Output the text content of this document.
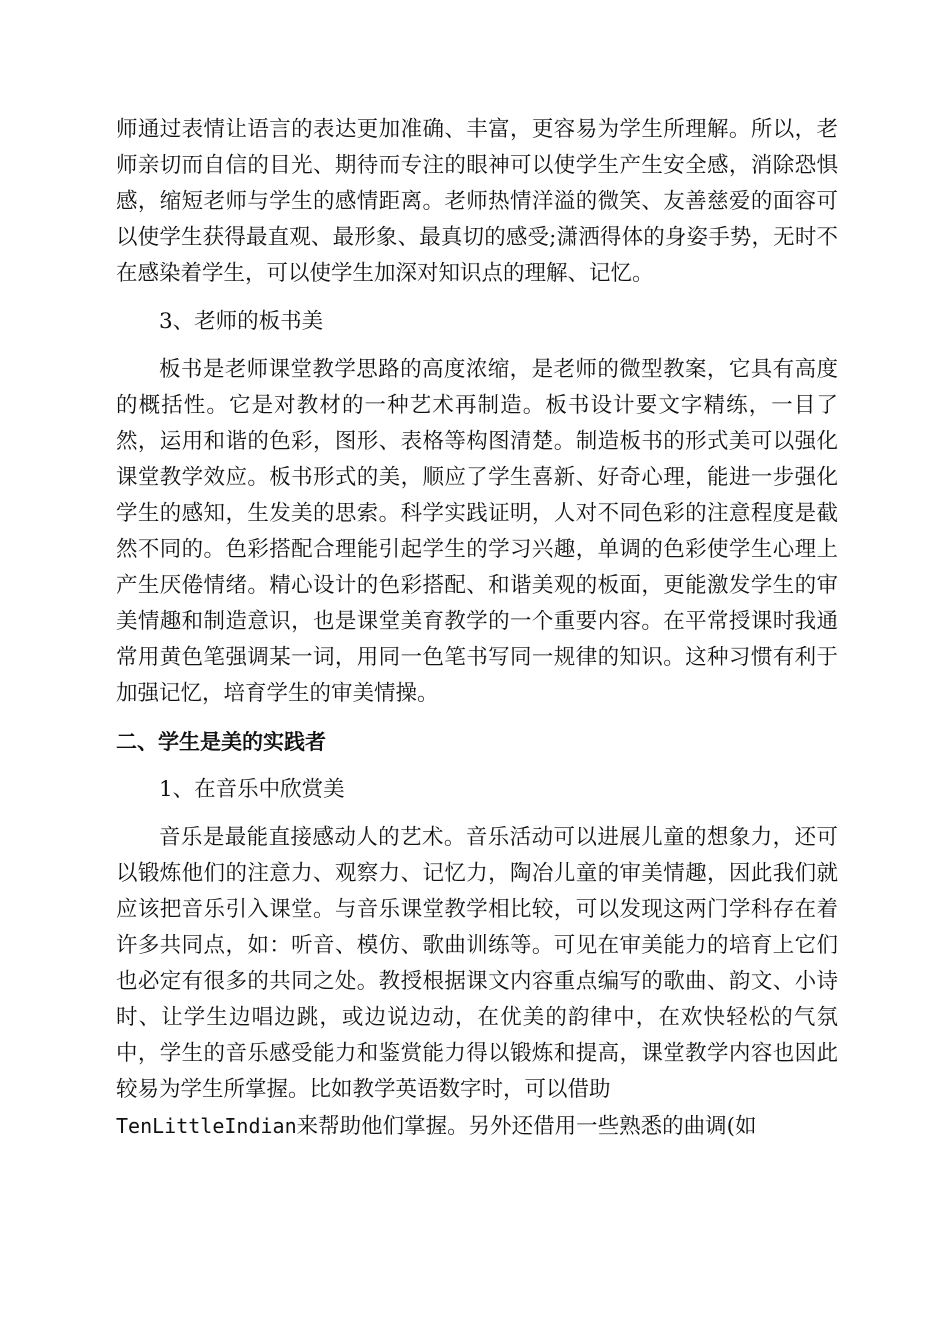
师通过表情让语言的表达更加准确、丰富，更容易为学生所理解。所以，老师亲切而自信的目光、期待而专注的眼神可以使学生产生安全感，消除恐惧感，缩短老师与学生的感情距离。老师热情洋溢的微笑、友善慈爱的面容可以使学生获得最直观、最形象、最真切的感受;潇洒得体的身姿手势，无时不在感染着学生，可以使学生加深对知识点的理解、记忆。

3、老师的板书美

板书是老师课堂教学思路的高度浓缩，是老师的微型教案，它具有高度的概括性。它是对教材的一种艺术再制造。板书设计要文字精练，一目了然，运用和谐的色彩，图形、表格等构图清楚。制造板书的形式美可以强化课堂教学效应。板书形式的美，顺应了学生喜新、好奇心理，能进一步强化学生的感知，生发美的思索。科学实践证明，人对不同色彩的注意程度是截然不同的。色彩搭配合理能引起学生的学习兴趣，单调的色彩使学生心理上产生厌倦情绪。精心设计的色彩搭配、和谐美观的板面，更能激发学生的审美情趣和制造意识，也是课堂美育教学的一个重要内容。在平常授课时我通常用黄色笔强调某一词，用同一色笔书写同一规律的知识。这种习惯有利于加强记忆，培育学生的审美情操。

二、学生是美的实践者

1、在音乐中欣赏美

音乐是最能直接感动人的艺术。音乐活动可以进展儿童的想象力，还可以锻炼他们的注意力、观察力、记忆力，陶冶儿童的审美情趣，因此我们就应该把音乐引入课堂。与音乐课堂教学相比较，可以发现这两门学科存在着许多共同点，如：听音、模仿、歌曲训练等。可见在审美能力的培育上它们也必定有很多的共同之处。教授根据课文内容重点编写的歌曲、韵文、小诗时、让学生边唱边跳，或边说边动，在优美的韵律中，在欢快轻松的气氛中，学生的音乐感受能力和鉴赏能力得以锻炼和提高，课堂教学内容也因此较易为学生所掌握。比如教学英语数字时，可以借助
TenLittleIndian来帮助他们掌握。另外还借用一些熟悉的曲调(如
